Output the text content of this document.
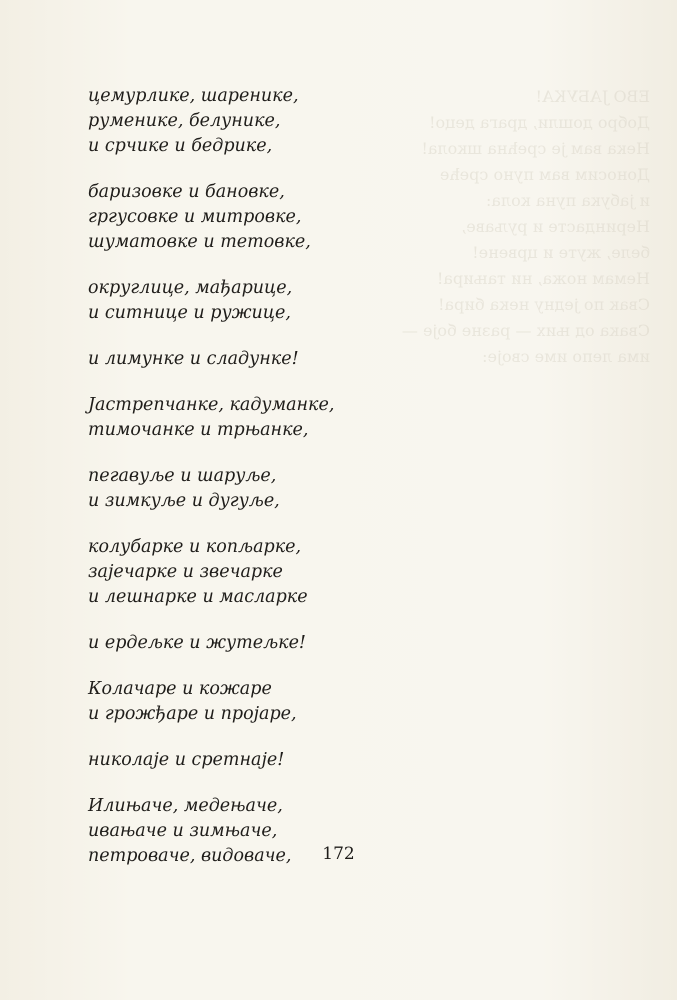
ЕВО ЈАБУКА!
Добро дошли, драга децо!
Нека вам је срећна школа!
Доносим вам пуно среће
и јабука пуна кола:
Нериндасте и руљаве,
беле, жуте и црвене!
Немам ножа, ни тањира!
Свак по једну нека бира!
Свака од њих — разне боје —
има лепо име своје:
цемурлике, шаренике,
руменике, белунике,
и срчике и бедрике,
баризовке и бановке,
гргусовке и митровке,
шуматовке и тетовке,
округлице, мађарице,
и ситнице и ружице,
и лимунке и сладунке!
Јастрепчанке, кадуманке,
тимочанке и трњанке,
пегавуље и шаруље,
и зимкуље и дугуље,
колубарке и копљарке,
зајечарке и звечарке
и лешнарке и масларке
и ердељке и жутељке!
Колачаре и кожаре
и грожђаре и пројаре,
николаје и сретнаје!
Илињаче, медењаче,
ивањаче и зимњаче,
петроваче, видоваче,	172
